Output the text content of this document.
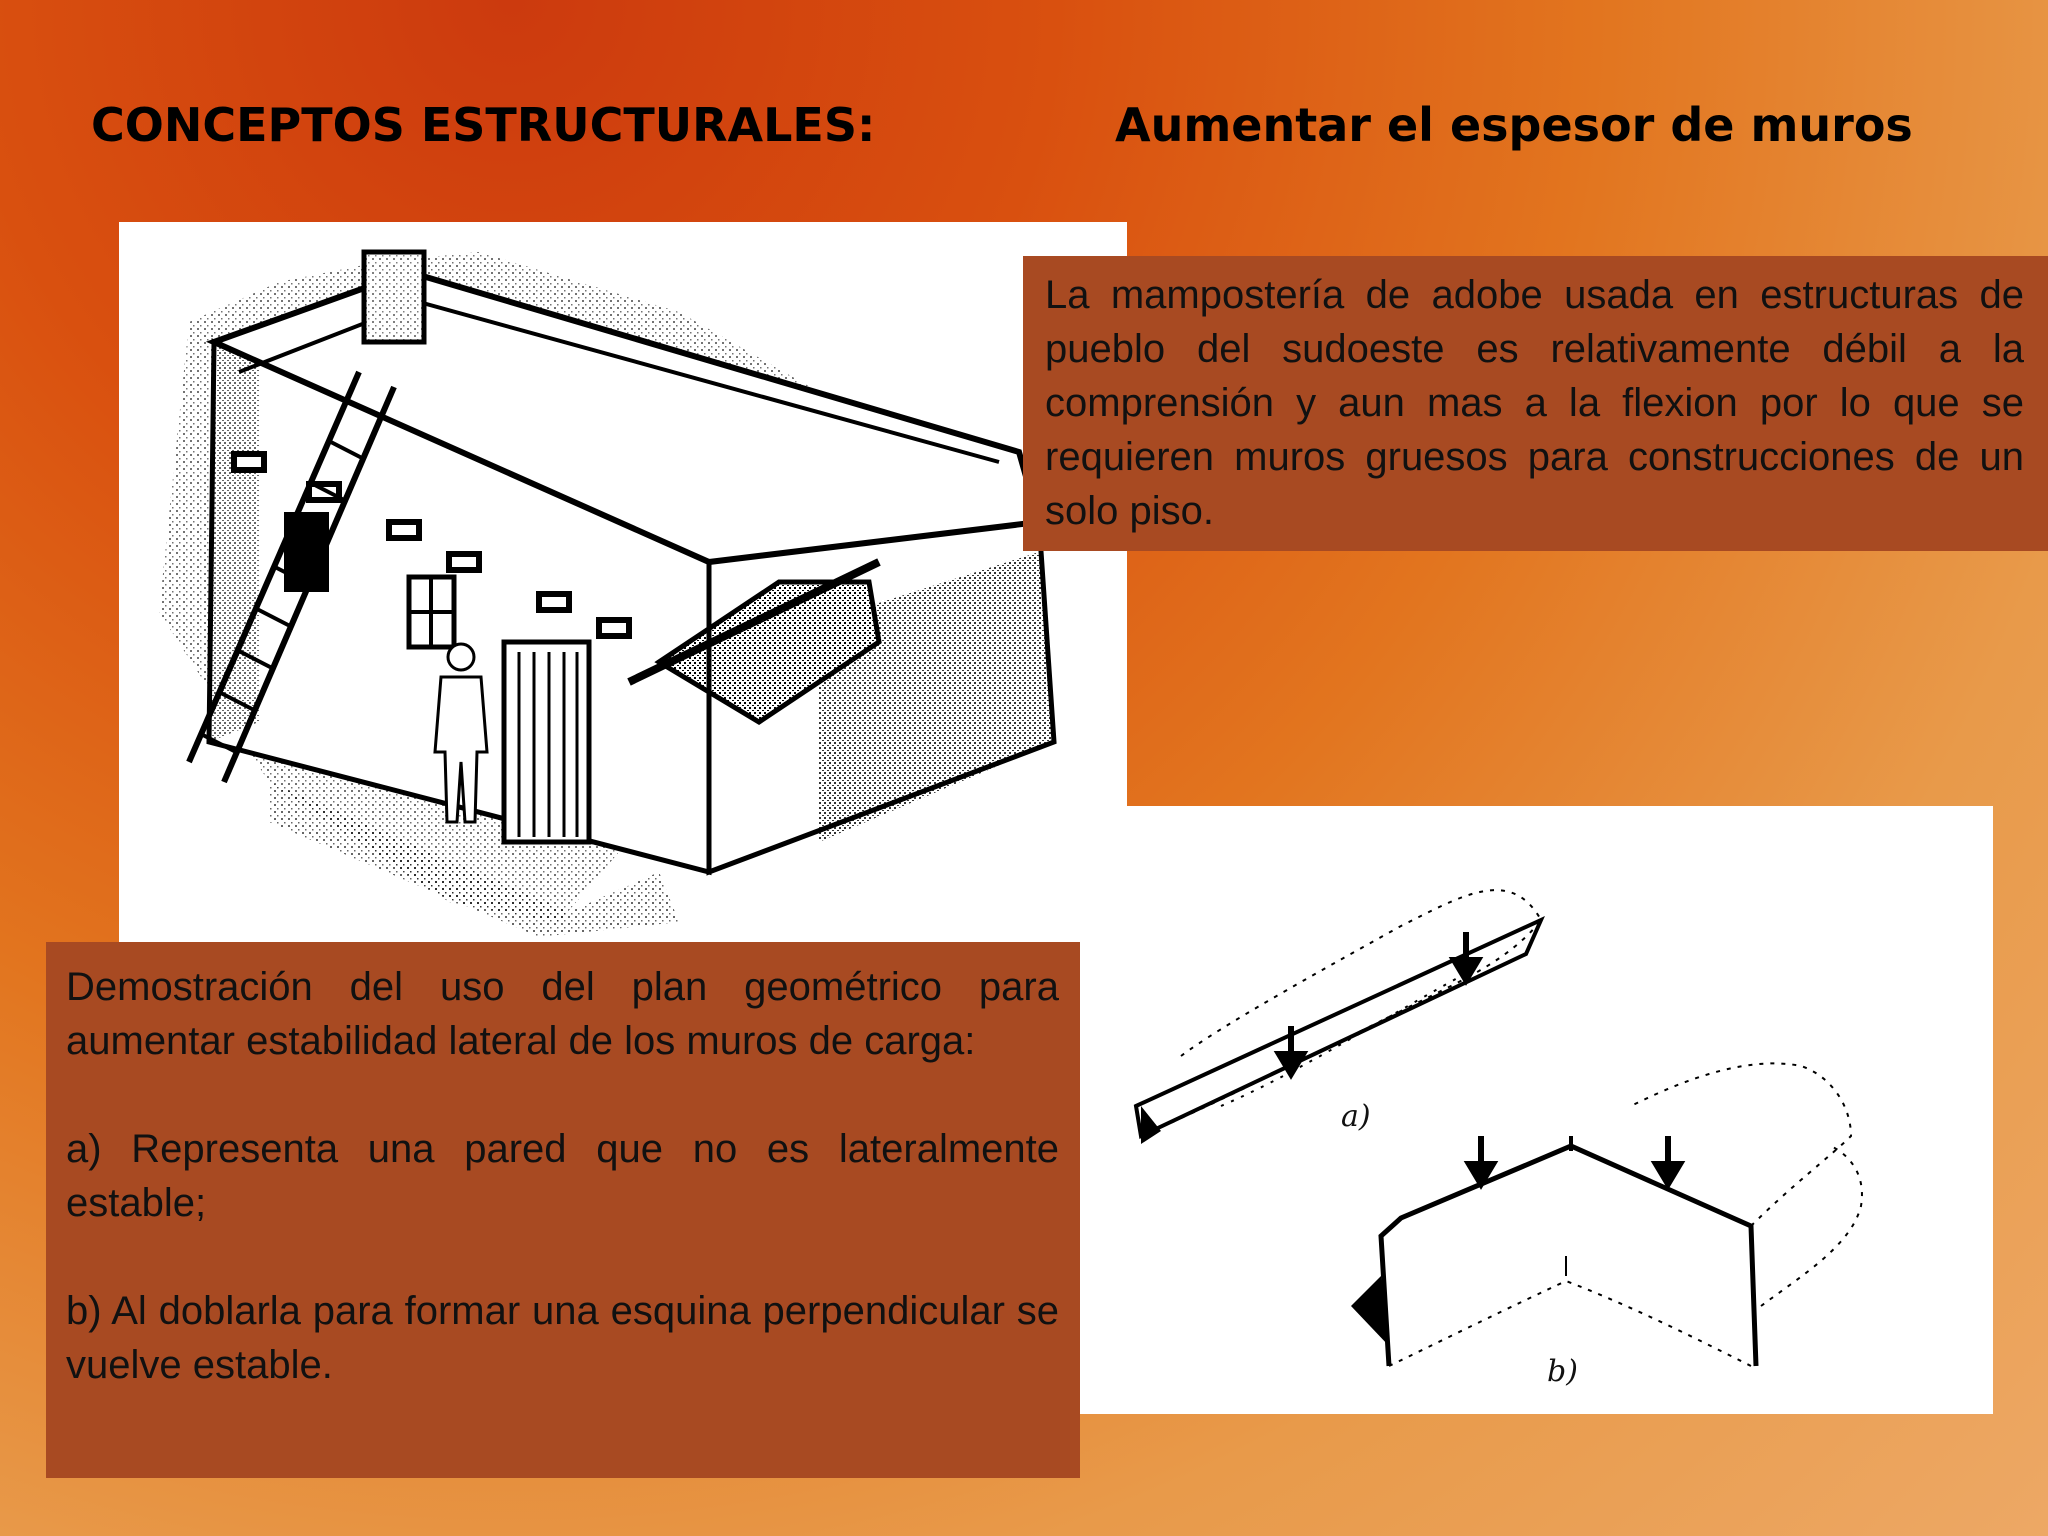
CONCEPTOS ESTRUCTURALES:	Aumentar el espesor de muros
a)
b)

La mampostería de adobe usada en estructuras de pueblo del sudoeste es relativamente débil a la comprensión y aun mas a la flexion por lo que se requieren muros gruesos para construcciones de un solo piso.

Demostración del uso del plan geométrico para aumentar estabilidad lateral de los muros de carga:

a) Representa una pared que no es lateralmente estable;

b) Al doblarla para formar una esquina perpendicular se vuelve estable.
